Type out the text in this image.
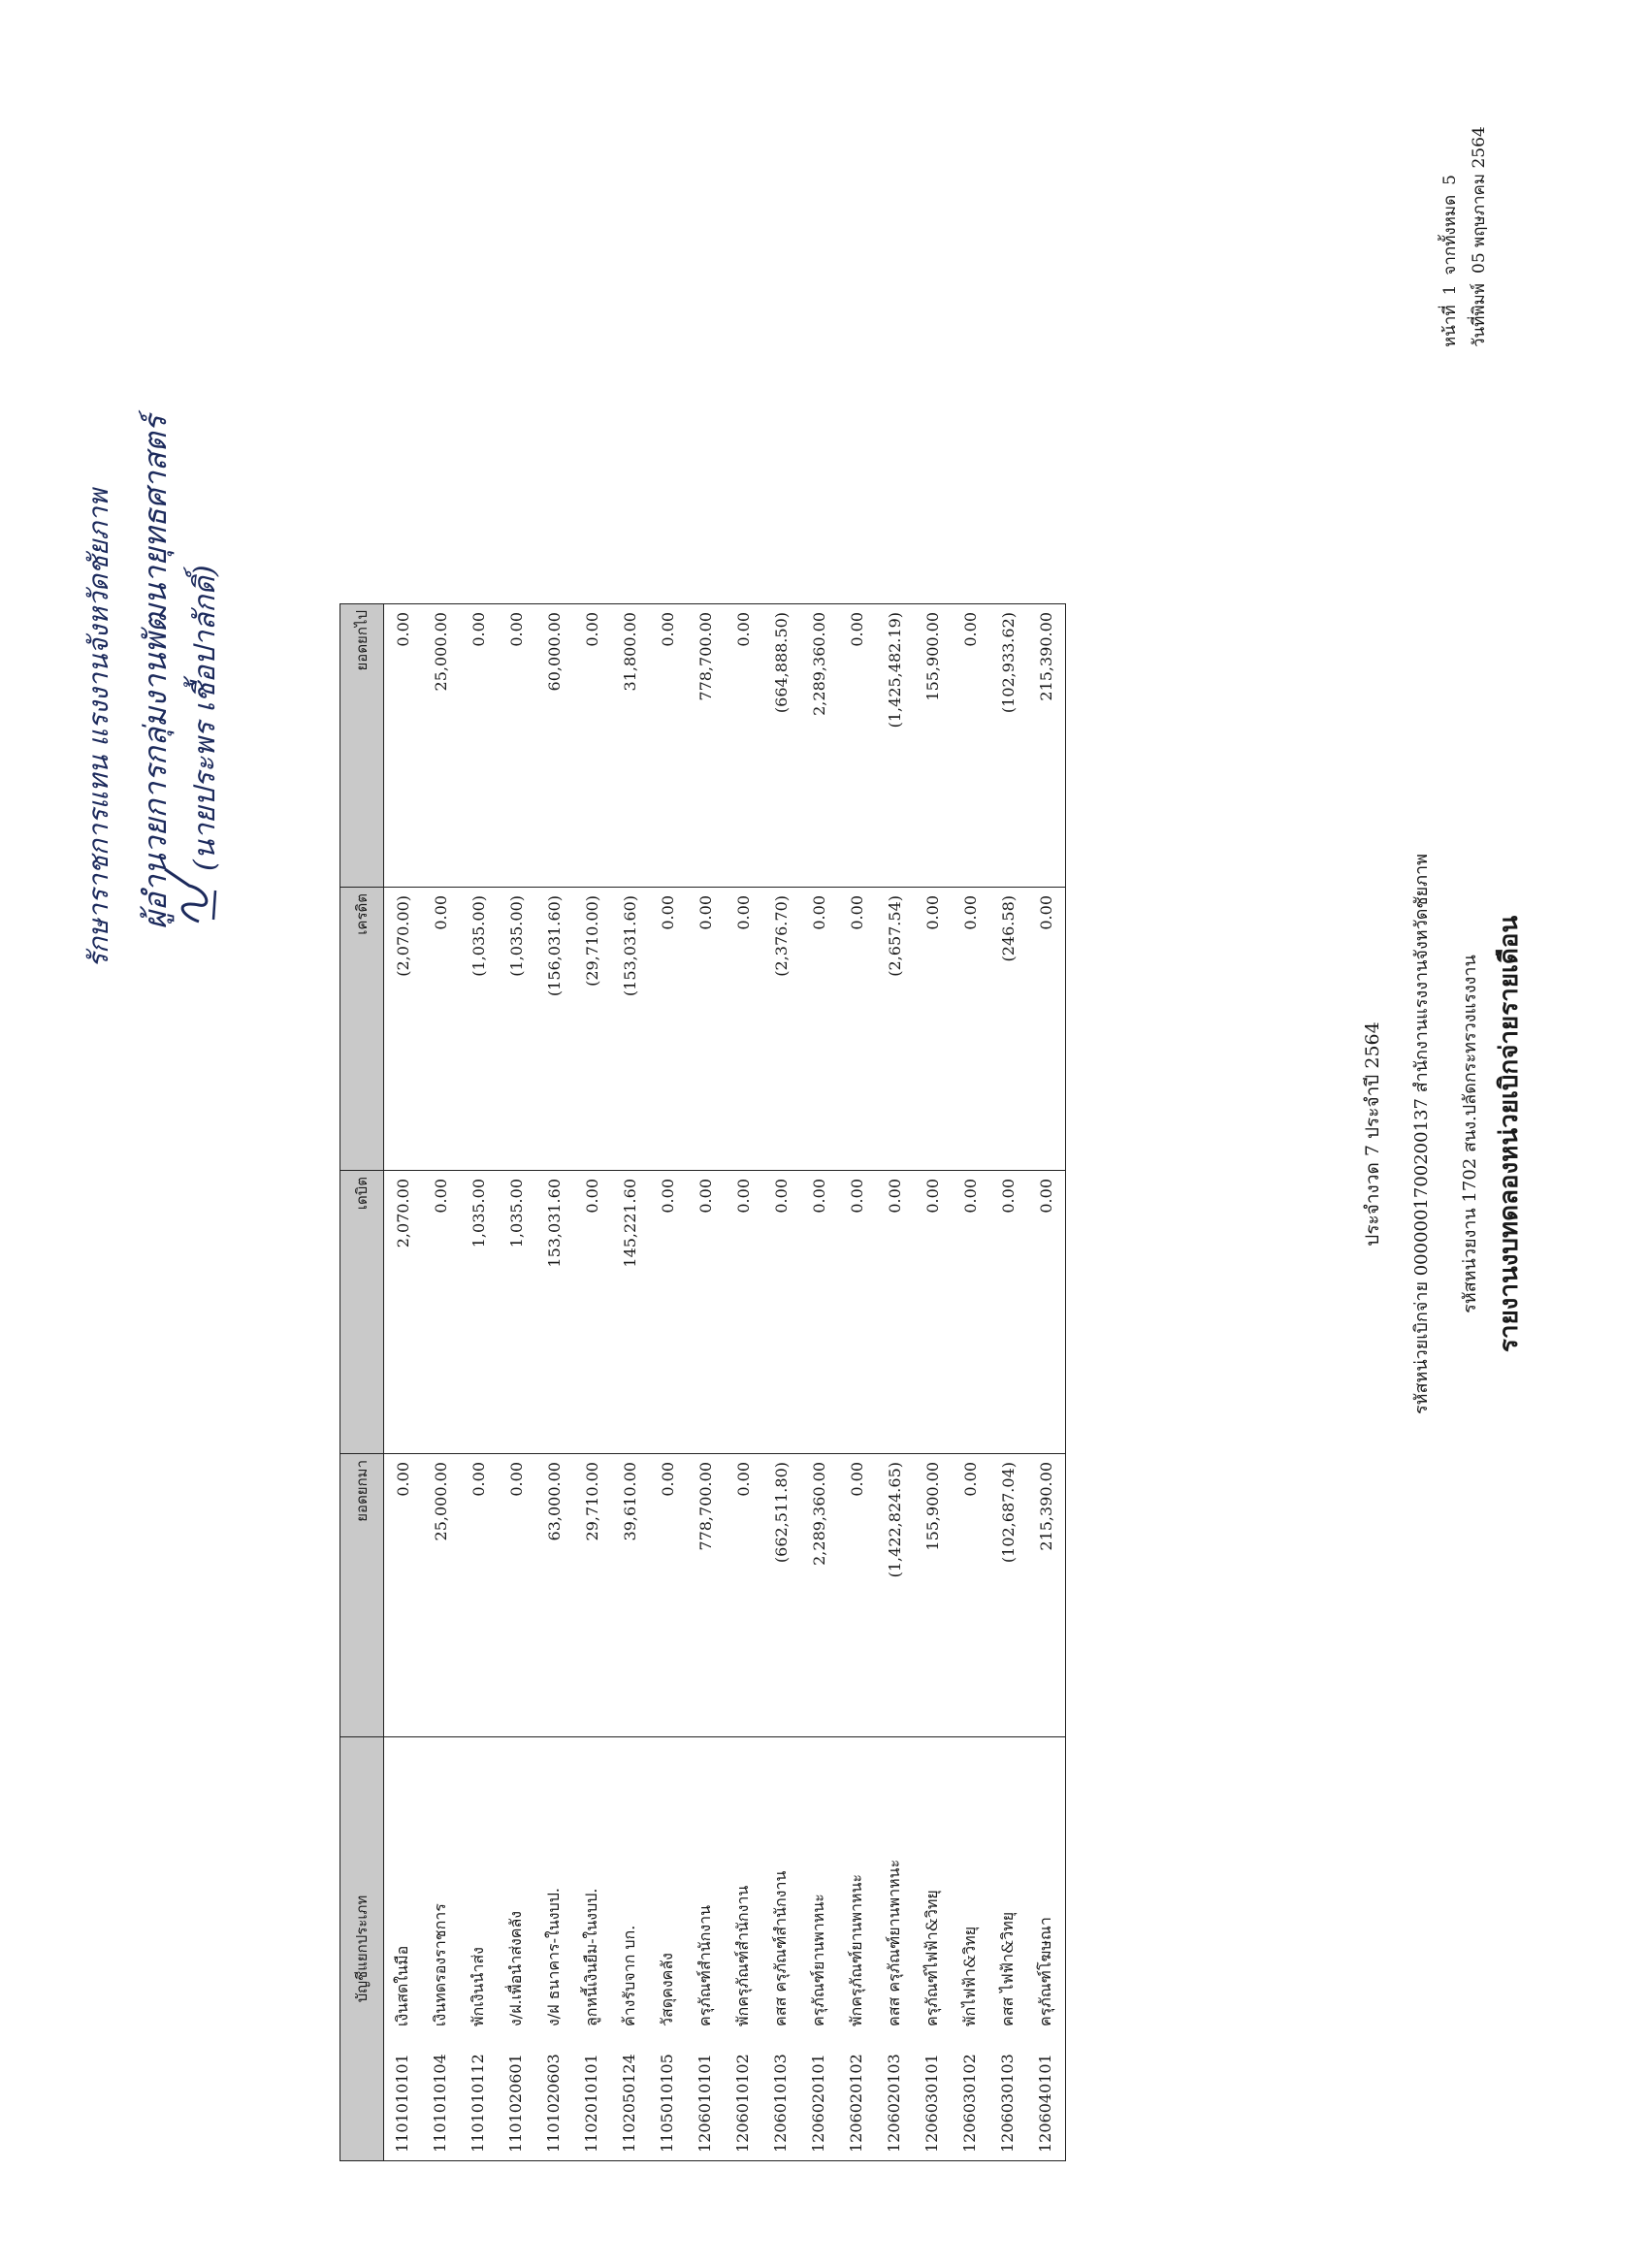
รายงานงบทดลองหน่วยเบิกจ่ายรายเดือน
รหัสหน่วยงาน 1702 สนง.ปลัดกระทรวงแรงงาน
รหัสหน่วยเบิกจ่าย 0000001700200137 สำนักงานแรงงานจังหวัดชัยภาพ
ประจำงวด 7 ประจำปี 2564
หน้าที่
1
จากทั้งหมด
5
วันที่พิมพ์
05 พฤษภาคม 2564
บัญชีแยกประเภท	ยอดยกมา	เดบิต	เครดิต	ยอดยกไป
1101010101เงินสดในมือ	0.00	2,070.00	(2,070.00)	0.00
1101010104เงินทดรองราชการ	25,000.00	0.00	0.00	25,000.00
1101010112พักเงินนำส่ง	0.00	1,035.00	(1,035.00)	0.00
1101020601ง/ฝ.เพื่อนำส่งคลัง	0.00	1,035.00	(1,035.00)	0.00
1101020603ง/ฝ ธนาคาร-ในงบป.	63,000.00	153,031.60	(156,031.60)	60,000.00
1102010101ลูกหนี้เงินยืม-ในงบป.	29,710.00	0.00	(29,710.00)	0.00
1102050124ค้างรับจาก บก.	39,610.00	145,221.60	(153,031.60)	31,800.00
1105010105วัสดุคงคลัง	0.00	0.00	0.00	0.00
1206010101ครุภัณฑ์สำนักงาน	778,700.00	0.00	0.00	778,700.00
1206010102พักครุภัณฑ์สำนักงาน	0.00	0.00	0.00	0.00
1206010103คสส ครุภัณฑ์สำนักงาน	(662,511.80)	0.00	(2,376.70)	(664,888.50)
1206020101ครุภัณฑ์ยานพาหนะ	2,289,360.00	0.00	0.00	2,289,360.00
1206020102พักครุภัณฑ์ยานพาหนะ	0.00	0.00	0.00	0.00
1206020103คสส ครุภัณฑ์ยานพาหนะ	(1,422,824.65)	0.00	(2,657.54)	(1,425,482.19)
1206030101ครุภัณฑ์ไฟฟ้า&วิทยุ	155,900.00	0.00	0.00	155,900.00
1206030102พักไฟฟ้า&วิทยุ	0.00	0.00	0.00	0.00
1206030103คสส ไฟฟ้า&วิทยุ	(102,687.04)	0.00	(246.58)	(102,933.62)
1206040101ครุภัณฑ์โฆษณา	215,390.00	0.00	0.00	215,390.00
(นายประพร เชื้อปาลักดิ์)
ผู้อำนวยการกลุ่มงานพัฒนายุทธศาสตร์
รักษาราชการแทน แรงงานจังหวัดชัยภาพ
